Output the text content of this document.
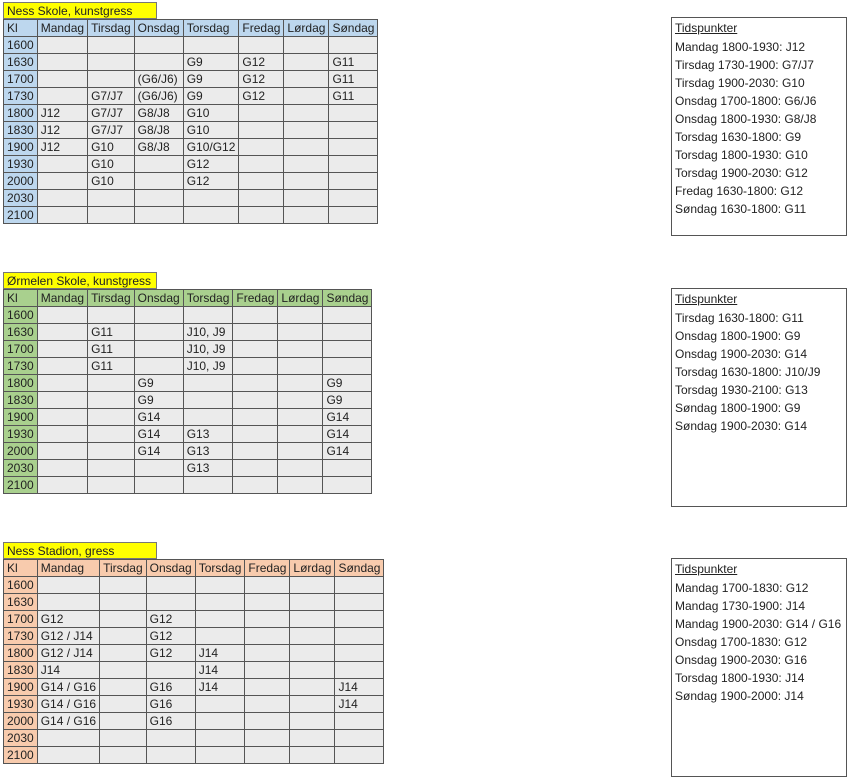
Ness Skole, kunstgress
Kl	Mandag	Tirsdag	Onsdag	Torsdag	Fredag	Lørdag	Søndag
1600							
1630				G9	G12		G11
1700			(G6/J6)	G9	G12		G11
1730		G7/J7	(G6/J6)	G9	G12		G11
1800	J12	G7/J7	G8/J8	G10			
1830	J12	G7/J7	G8/J8	G10			
1900	J12	G10	G8/J8	G10/G12			
1930		G10		G12			
2000		G10		G12			
2030							
2100							
Tidspunkter
Mandag 1800-1930: J12
Tirsdag 1730-1900: G7/J7
Tirsdag 1900-2030: G10
Onsdag 1700-1800: G6/J6
Onsdag 1800-1930: G8/J8
Torsdag 1630-1800: G9
Torsdag 1800-1930: G10
Torsdag 1900-2030: G12
Fredag 1630-1800: G12
Søndag 1630-1800: G11
Ørmelen Skole, kunstgress
Kl	Mandag	Tirsdag	Onsdag	Torsdag	Fredag	Lørdag	Søndag
1600							
1630		G11		J10, J9			
1700		G11		J10, J9			
1730		G11		J10, J9			
1800			G9				G9
1830			G9				G9
1900			G14				G14
1930			G14	G13			G14
2000			G14	G13			G14
2030				G13			
2100							
Tidspunkter
Tirsdag 1630-1800: G11
Onsdag 1800-1900: G9
Onsdag 1900-2030: G14
Torsdag 1630-1800: J10/J9
Torsdag 1930-2100: G13
Søndag 1800-1900: G9
Søndag 1900-2030: G14
Ness Stadion, gress
Kl	Mandag	Tirsdag	Onsdag	Torsdag	Fredag	Lørdag	Søndag
1600							
1630							
1700	G12		G12				
1730	G12 / J14		G12				
1800	G12 / J14		G12	J14			
1830	J14			J14			
1900	G14 / G16		G16	J14			J14
1930	G14 / G16		G16				J14
2000	G14 / G16		G16				
2030							
2100							
Tidspunkter
Mandag 1700-1830: G12
Mandag 1730-1900: J14
Mandag 1900-2030: G14 / G16
Onsdag 1700-1830: G12
Onsdag 1900-2030: G16
Torsdag 1800-1930: J14
Søndag 1900-2000: J14
